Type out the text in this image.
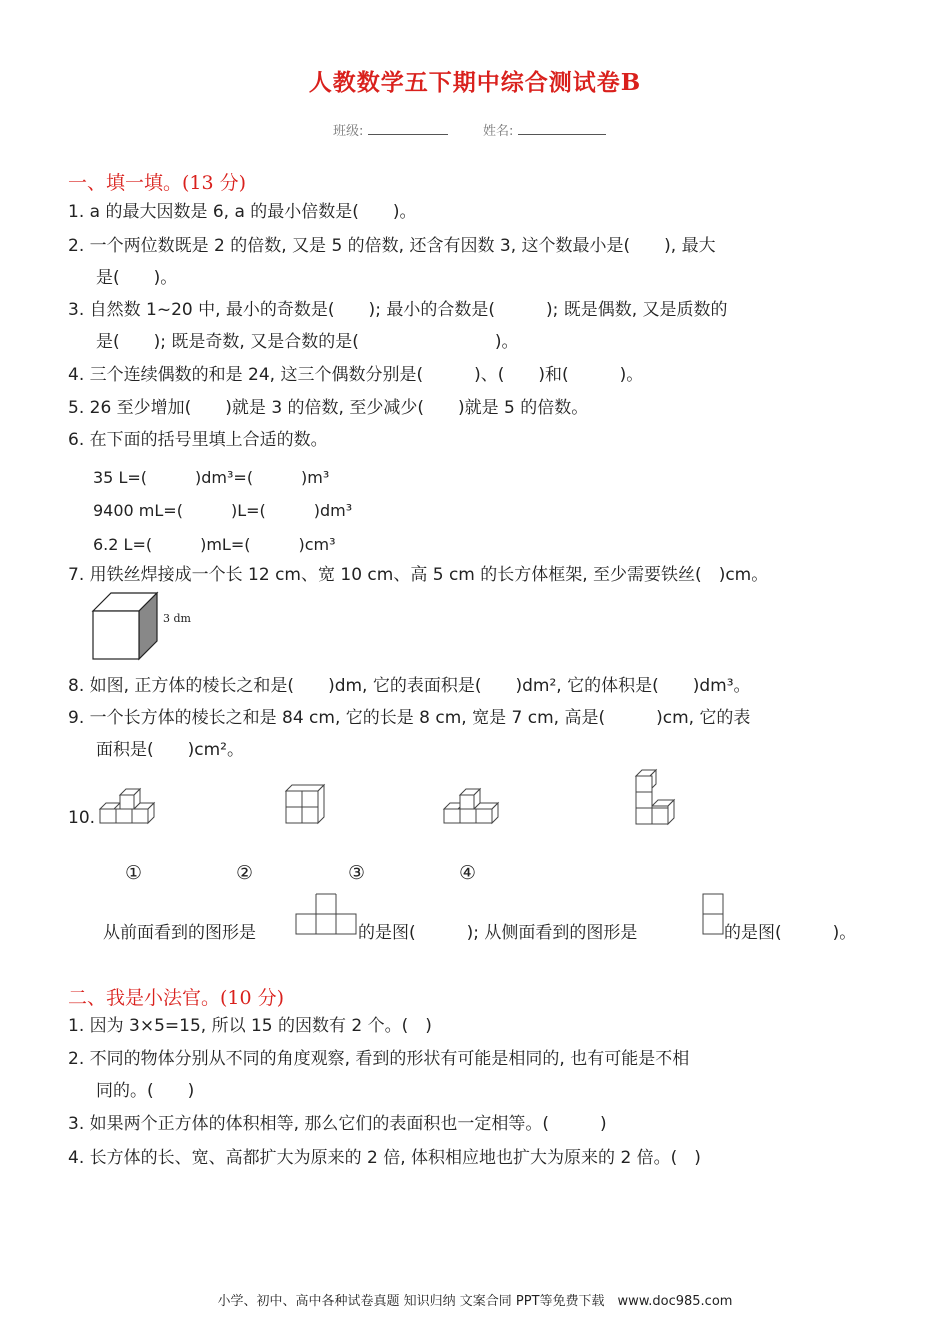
人教数学五下期中综合测试卷B
班级:	姓名:
一、填一填。(13 分)
1. a 的最大因数是 6, a 的最小倍数是(　　)。
2. 一个两位数既是 2 的倍数, 又是 5 的倍数, 还含有因数 3, 这个数最小是(　　), 最大
是(　　)。
3. 自然数 1~20 中, 最小的奇数是(　　); 最小的合数是(　　　); 既是偶数, 又是质数的
是(　　); 既是奇数, 又是合数的是(　　　　　　　　)。
4. 三个连续偶数的和是 24, 这三个偶数分别是(　　　)、(　　)和(　　　)。
5. 26 至少增加(　　)就是 3 的倍数, 至少减少(　　)就是 5 的倍数。
6. 在下面的括号里填上合适的数。
35 L=(　　　)dm³=(　　　)m³
9400 mL=(　　　)L=(　　　)dm³
6.2 L=(　　　)mL=(　　　)cm³
7. 用铁丝焊接成一个长 12 cm、宽 10 cm、高 5 cm 的长方体框架, 至少需要铁丝(　)cm。
3 dm
8. 如图, 正方体的棱长之和是(　　)dm, 它的表面积是(　　)dm², 它的体积是(　　)dm³。
9. 一个长方体的棱长之和是 84 cm, 它的长是 8 cm, 宽是 7 cm, 高是(　　　)cm, 它的表
面积是(　　)cm²。
10.
①	②	③	④
从前面看到的图形是	的是图(　　　); 从侧面看到的图形是	的是图(　　　)。
二、我是小法官。(10 分)
1. 因为 3×5=15, 所以 15 的因数有 2 个。(　)
2. 不同的物体分别从不同的角度观察, 看到的形状有可能是相同的, 也有可能是不相
同的。(　　)
3. 如果两个正方体的体积相等, 那么它们的表面积也一定相等。(　　　)
4. 长方体的长、宽、高都扩大为原来的 2 倍, 体积相应地也扩大为原来的 2 倍。(　)
小学、初中、高中各种试卷真题 知识归纳 文案合同 PPT等免费下载　www.doc985.com
